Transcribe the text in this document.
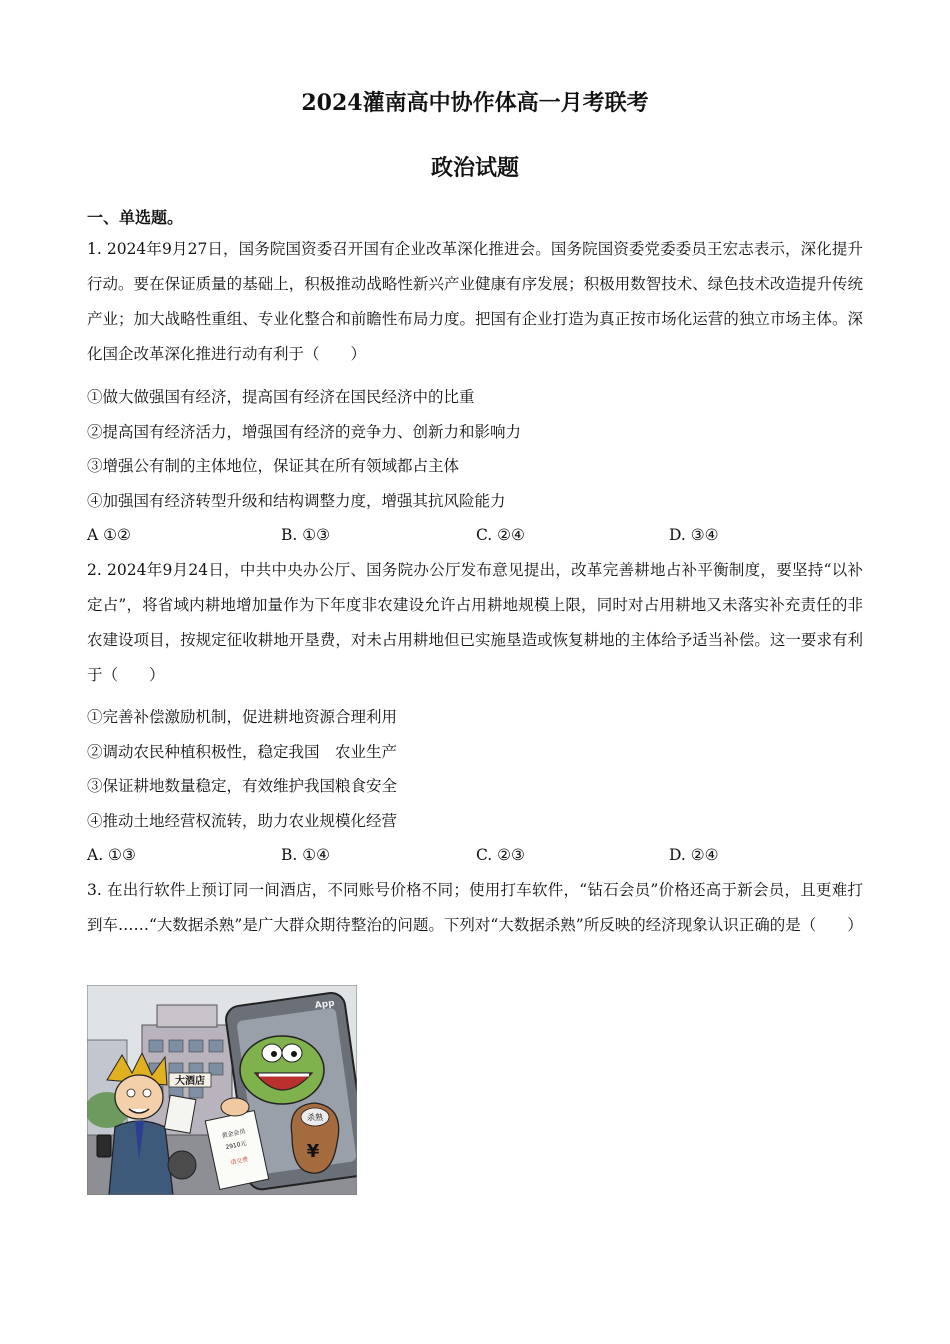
2024灌南高中协作体高一月考联考
政治试题
一、单选题。
1. 2024年9月27日，国务院国资委召开国有企业改革深化推进会。国务院国资委党委委员王宏志表示，深化提升行动。要在保证质量的基础上，积极推动战略性新兴产业健康有序发展；积极用数智技术、绿色技术改造提升传统产业；加大战略性重组、专业化整合和前瞻性布局力度。把国有企业打造为真正按市场化运营的独立市场主体。深化国企改革深化推进行动有利于（　　）
①做大做强国有经济，提高国有经济在国民经济中的比重
②提高国有经济活力，增强国有经济的竞争力、创新力和影响力
③增强公有制的主体地位，保证其在所有领域都占主体
④加强国有经济转型升级和结构调整力度，增强其抗风险能力
A ①②	B. ①③	C. ②④	D. ③④
2. 2024年9月24日，中共中央办公厅、国务院办公厅发布意见提出，改革完善耕地占补平衡制度，要坚持“以补定占”，将省域内耕地增加量作为下年度非农建设允许占用耕地规模上限，同时对占用耕地又未落实补充责任的非农建设项目，按规定征收耕地开垦费，对未占用耕地但已实施垦造或恢复耕地的主体给予适当补偿。这一要求有利于（　　）
①完善补偿激励机制，促进耕地资源合理利用
②调动农民种植积极性，稳定我国　农业生产
③保证耕地数量稳定，有效维护我国粮食安全
④推动土地经营权流转，助力农业规模化经营
A. ①③	B. ①④	C. ②③	D. ②④
3. 在出行软件上预订同一间酒店，不同账号价格不同；使用打车软件，“钻石会员”价格还高于新会员，且更难打到车……“大数据杀熟”是广大群众期待整治的问题。下列对“大数据杀熟”所反映的经济现象认识正确的是（　　）
大酒店
App
杀熟
¥
黄金会员
2910元
请交费
